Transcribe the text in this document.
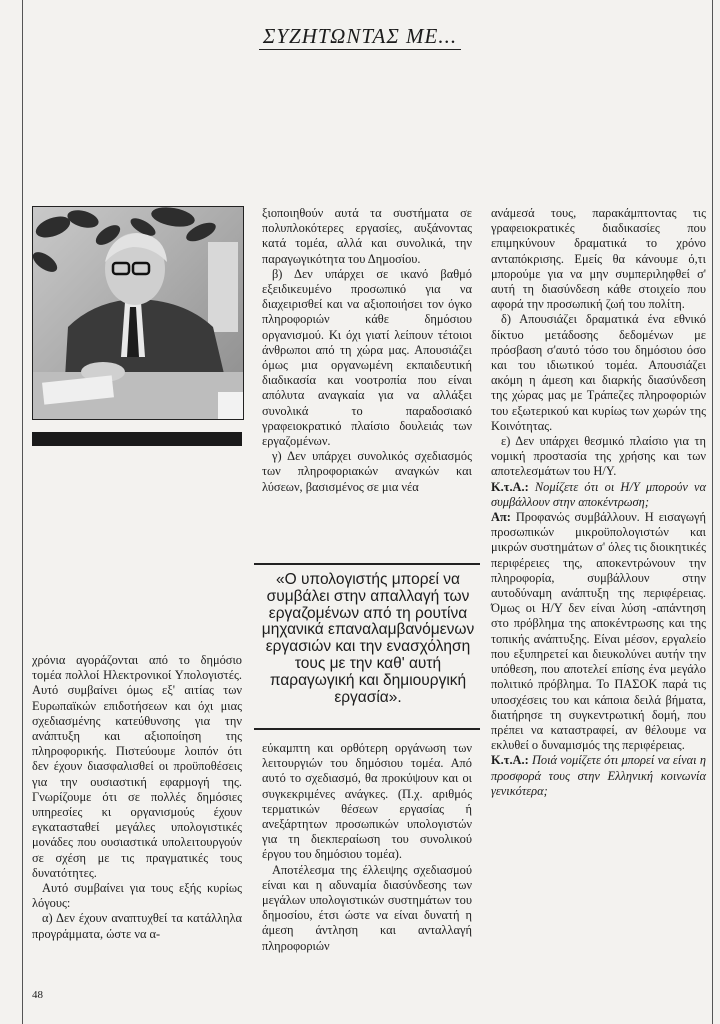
ΣΥΖΗΤΩΝΤΑΣ ΜΕ...

χρόνια αγοράζονται από το δημόσιο τομέα πολλοί Ηλεκτρονικοί Υπολογιστές. Αυτό συμβαίνει όμως εξ' αιτίας των Ευρωπαϊκών επιδοτήσεων και όχι μιας σχεδιασμένης κατεύθυνσης για την ανάπτυξη και αξιοποίηση της πληροφορικής. Πιστεύουμε λοιπόν ότι δεν έχουν διασφαλισθεί οι προϋποθέσεις για την ουσιαστική εφαρμογή της. Γνωρίζουμε ότι σε πολλές δημόσιες υπηρεσίες κι οργανισμούς έχουν εγκατασταθεί μεγάλες υπολογιστικές μονάδες που ουσιαστικά υπολειτουργούν σε σχέση με τις πραγματικές τους δυνατότητες.

Αυτό συμβαίνει για τους εξής κυρίως λόγους:

α) Δεν έχουν αναπτυχθεί τα κατάλληλα προγράμματα, ώστε να α-

ξιοποιηθούν αυτά τα συστήματα σε πολυπλοκότερες εργασίες, αυξάνοντας κατά τομέα, αλλά και συνολικά, την παραγωγικότητα του Δημοσίου.

β) Δεν υπάρχει σε ικανό βαθμό εξειδικευμένο προσωπικό για να διαχειρισθεί και να αξιοποιήσει τον όγκο πληροφοριών κάθε δημόσιου οργανισμού. Κι όχι γιατί λείπουν τέτοιοι άνθρωποι από τη χώρα μας. Απουσιάζει όμως μια οργανωμένη εκπαιδευτική διαδικασία και νοοτροπία που είναι απόλυτα αναγκαία για να αλλάξει συνολικά το παραδοσιακό γραφειοκρατικό πλαίσιο δουλειάς των εργαζομένων.

γ) Δεν υπάρχει συνολικός σχεδιασμός των πληροφοριακών αναγκών και λύσεων, βασισμένος σε μια νέα

«Ο υπολογιστής μπορεί να συμβάλει στην απαλλαγή των εργαζομένων από τη ρουτίνα μηχανικά επαναλαμβανόμενων εργασιών και την ενασχόληση τους με την καθ' αυτή παραγωγική και δημιουργική εργασία».

εύκαμπτη και ορθότερη οργάνωση των λειτουργιών του δημόσιου τομέα. Από αυτό το σχεδιασμό, θα προκύψουν και οι συγκεκριμένες ανάγκες. (Π.χ. αριθμός τερματικών θέσεων εργασίας ή ανεξάρτητων προσωπικών υπολογιστών για τη διεκπεραίωση του συνολικού έργου του δημόσιου τομέα).

Αποτέλεσμα της έλλειψης σχεδιασμού είναι και η αδυναμία διασύνδεσης των μεγάλων υπολογιστικών συστημάτων του δημοσίου, έτσι ώστε να είναι δυνατή η άμεση άντληση και ανταλλαγή πληροφοριών

ανάμεσά τους, παρακάμπτοντας τις γραφειοκρατικές διαδικασίες που επιμηκύνουν δραματικά το χρόνο ανταπόκρισης. Εμείς θα κάνουμε ό,τι μπορούμε για να μην συμπεριληφθεί σ' αυτή τη διασύνδεση κάθε στοιχείο που αφορά την προσωπική ζωή του πολίτη.

δ) Απουσιάζει δραματικά ένα εθνικό δίκτυο μετάδοσης δεδομένων με πρόσβαση σ'αυτό τόσο του δημόσιου όσο και του ιδιωτικού τομέα. Απουσιάζει ακόμη η άμεση και διαρκής διασύνδεση της χώρας μας με Τράπεζες πληροφοριών του εξωτερικού και κυρίως των χωρών της Κοινότητας.

ε) Δεν υπάρχει θεσμικό πλαίσιο για τη νομική προστασία της χρήσης και των αποτελεσμάτων του Η/Υ.

Κ.τ.Α.: Νομίζετε ότι οι Η/Υ μπορούν να συμβάλλουν στην αποκέντρωση;

Απ: Προφανώς συμβάλλουν. Η εισαγωγή προσωπικών μικροϋπολογιστών και μικρών συστημάτων σ' όλες τις διοικητικές περιφέρειες της, αποκεντρώνουν την πληροφορία, συμβάλλουν στην αυτοδύναμη ανάπτυξη της περιφέρειας. Όμως οι Η/Υ δεν είναι λύση -απάντηση στο πρόβλημα της αποκέντρωσης και της τοπικής ανάπτυξης. Είναι μέσον, εργαλείο που εξυπηρετεί και διευκολύνει αυτήν την υπόθεση, που αποτελεί επίσης ένα μεγάλο πολιτικό πρόβλημα. Το ΠΑΣΟΚ παρά τις υποσχέσεις του και κάποια δειλά βήματα, διατήρησε τη συγκεντρωτική δομή, που πρέπει να καταστραφεί, αν θέλουμε να εκλυθεί ο δυναμισμός της περιφέρειας.

Κ.τ.Α.: Ποιά νομίζετε ότι μπορεί να είναι η προσφορά τους στην Ελληνική κοινωνία γενικότερα;

48
